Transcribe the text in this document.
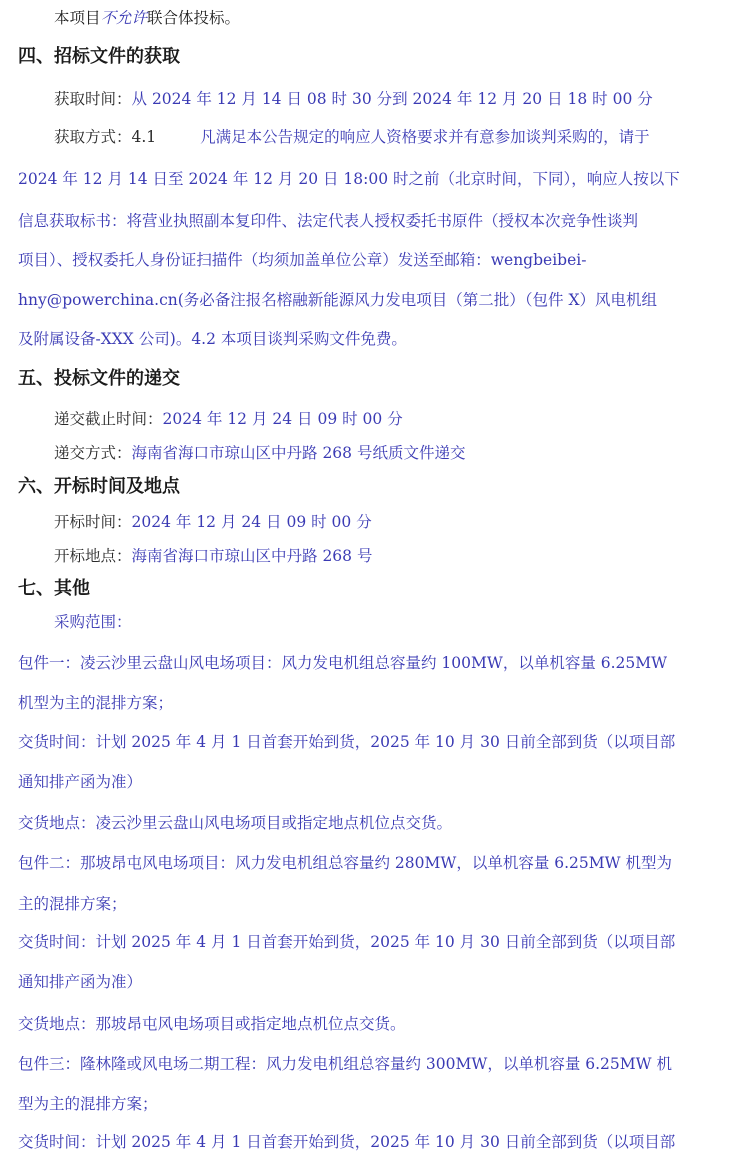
本项目不允许联合体投标。
四、招标文件的获取
获取时间：从 2024 年 12 月 14 日 08 时 30 分到 2024 年 12 月 20 日 18 时 00 分
获取方式：4.1	凡满足本公告规定的响应人资格要求并有意参加谈判采购的，请于
2024 年 12 月 14 日至 2024 年 12 月 20 日 18:00 时之前（北京时间，下同），响应人按以下
信息获取标书：将营业执照副本复印件、法定代表人授权委托书原件（授权本次竞争性谈判
项目）、授权委托人身份证扫描件（均须加盖单位公章）发送至邮箱：wengbeibei-
hny@powerchina.cn(务必备注报名榕融新能源风力发电项目（第二批）（包件 X）风电机组
及附属设备-XXX 公司)。4.2 本项目谈判采购文件免费。
五、投标文件的递交
递交截止时间：2024 年 12 月 24 日 09 时 00 分
递交方式：海南省海口市琼山区中丹路 268 号纸质文件递交
六、开标时间及地点
开标时间：2024 年 12 月 24 日 09 时 00 分
开标地点：海南省海口市琼山区中丹路 268 号
七、其他
采购范围：
包件一：凌云沙里云盘山风电场项目：风力发电机组总容量约 100MW，以单机容量 6.25MW
机型为主的混排方案；
交货时间：计划 2025 年 4 月 1 日首套开始到货，2025 年 10 月 30 日前全部到货（以项目部
通知排产函为准）
交货地点：凌云沙里云盘山风电场项目或指定地点机位点交货。
包件二：那坡昂屯风电场项目：风力发电机组总容量约 280MW，以单机容量 6.25MW 机型为
主的混排方案；
交货时间：计划 2025 年 4 月 1 日首套开始到货，2025 年 10 月 30 日前全部到货（以项目部
通知排产函为准）
交货地点：那坡昂屯风电场项目或指定地点机位点交货。
包件三：隆林隆或风电场二期工程：风力发电机组总容量约 300MW，以单机容量 6.25MW 机
型为主的混排方案；
交货时间：计划 2025 年 4 月 1 日首套开始到货，2025 年 10 月 30 日前全部到货（以项目部
